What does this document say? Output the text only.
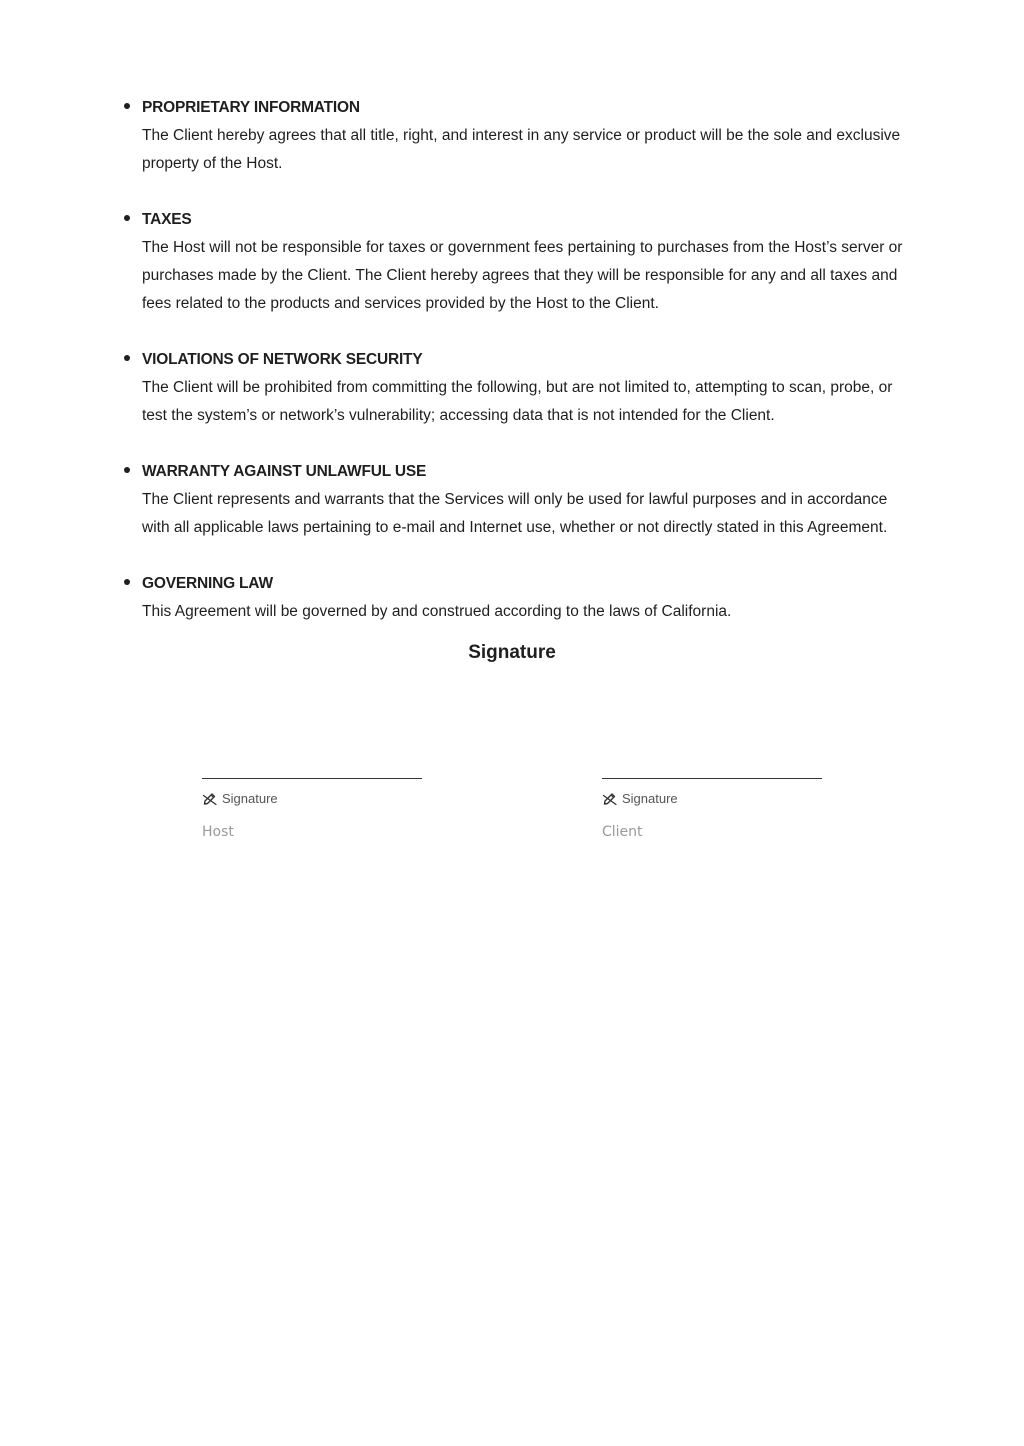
PROPRIETARY INFORMATION

The Client hereby agrees that all title, right, and interest in any service or product will be the sole and exclusive property of the Host.

TAXES

The Host will not be responsible for taxes or government fees pertaining to purchases from the Host’s server or purchases made by the Client. The Client hereby agrees that they will be responsible for any and all taxes and fees related to the products and services provided by the Host to the Client.

VIOLATIONS OF NETWORK SECURITY

The Client will be prohibited from committing the following, but are not limited to, attempting to scan, probe, or test the system’s or network’s vulnerability; accessing data that is not intended for the Client.

WARRANTY AGAINST UNLAWFUL USE

The Client represents and warrants that the Services will only be used for lawful purposes and in accordance with all applicable laws pertaining to e-mail and Internet use, whether or not directly stated in this Agreement.

GOVERNING LAW

This Agreement will be governed by and construed according to the laws of California.

Signature
Signature
Host
Signature
Client
